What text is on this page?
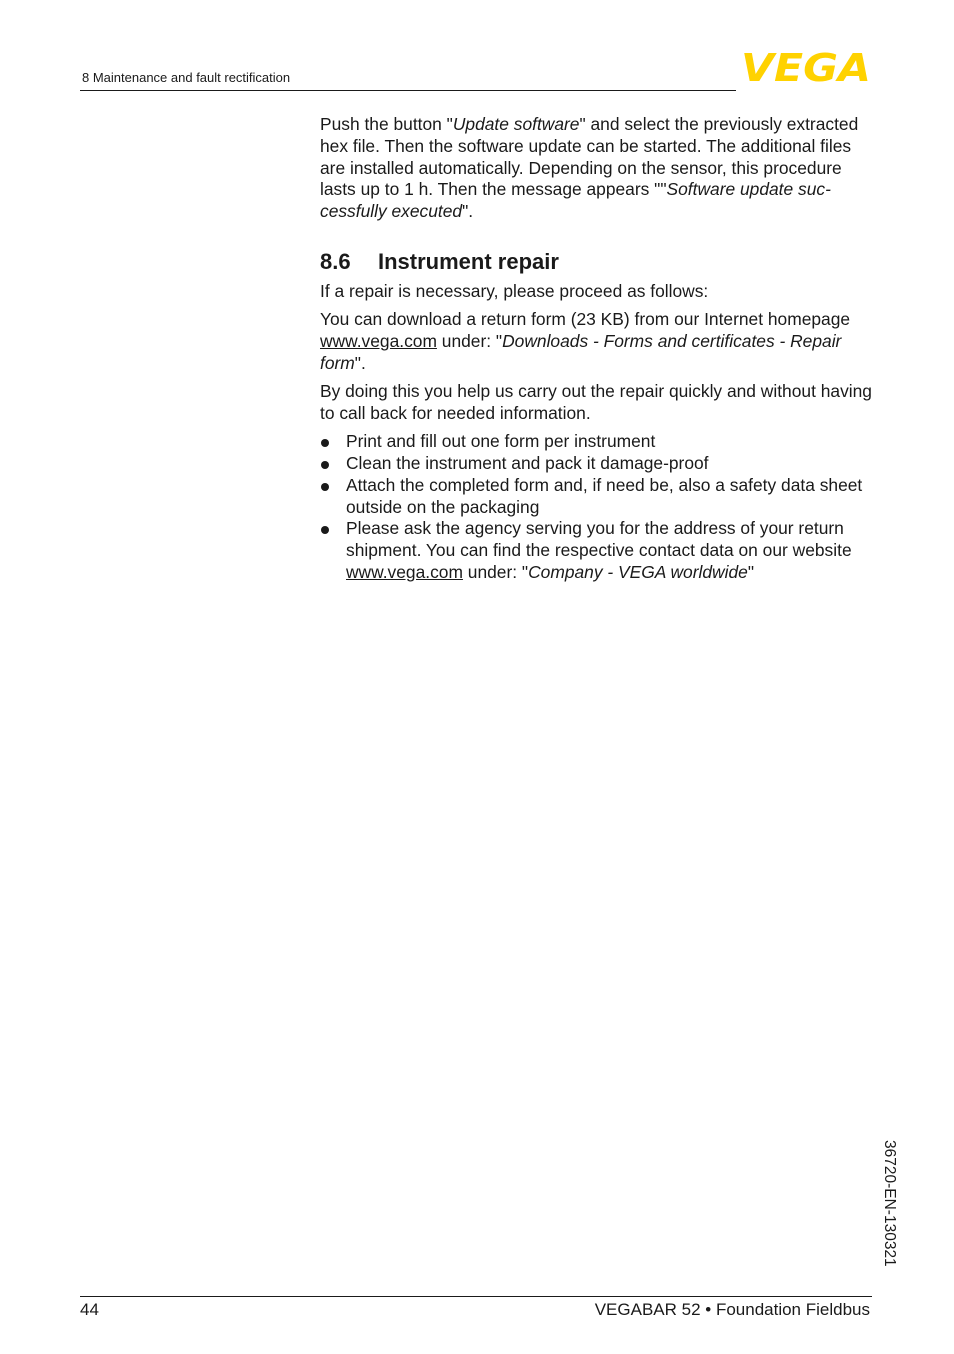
8 Maintenance and fault rectification	VEGA

Push the button "Update software" and select the previously extracted hex file. Then the software update can be started. The additional files are installed automatically. Depending on the sensor, this procedure lasts up to 1 h. Then the message appears ""Software update successfully executed".

8.6 Instrument repair

If a repair is necessary, please proceed as follows:

You can download a return form (23 KB) from our Internet homepage www.vega.com under: "Downloads - Forms and certificates - Repair form".

By doing this you help us carry out the repair quickly and without having to call back for needed information.

Print and fill out one form per instrument
Clean the instrument and pack it damage-proof
Attach the completed form and, if need be, also a safety data sheet outside on the packaging
Please ask the agency serving you for the address of your return shipment. You can find the respective contact data on our website www.vega.com under: "Company - VEGA worldwide"
36720-EN-130321
44	VEGABAR 52 • Foundation Fieldbus
